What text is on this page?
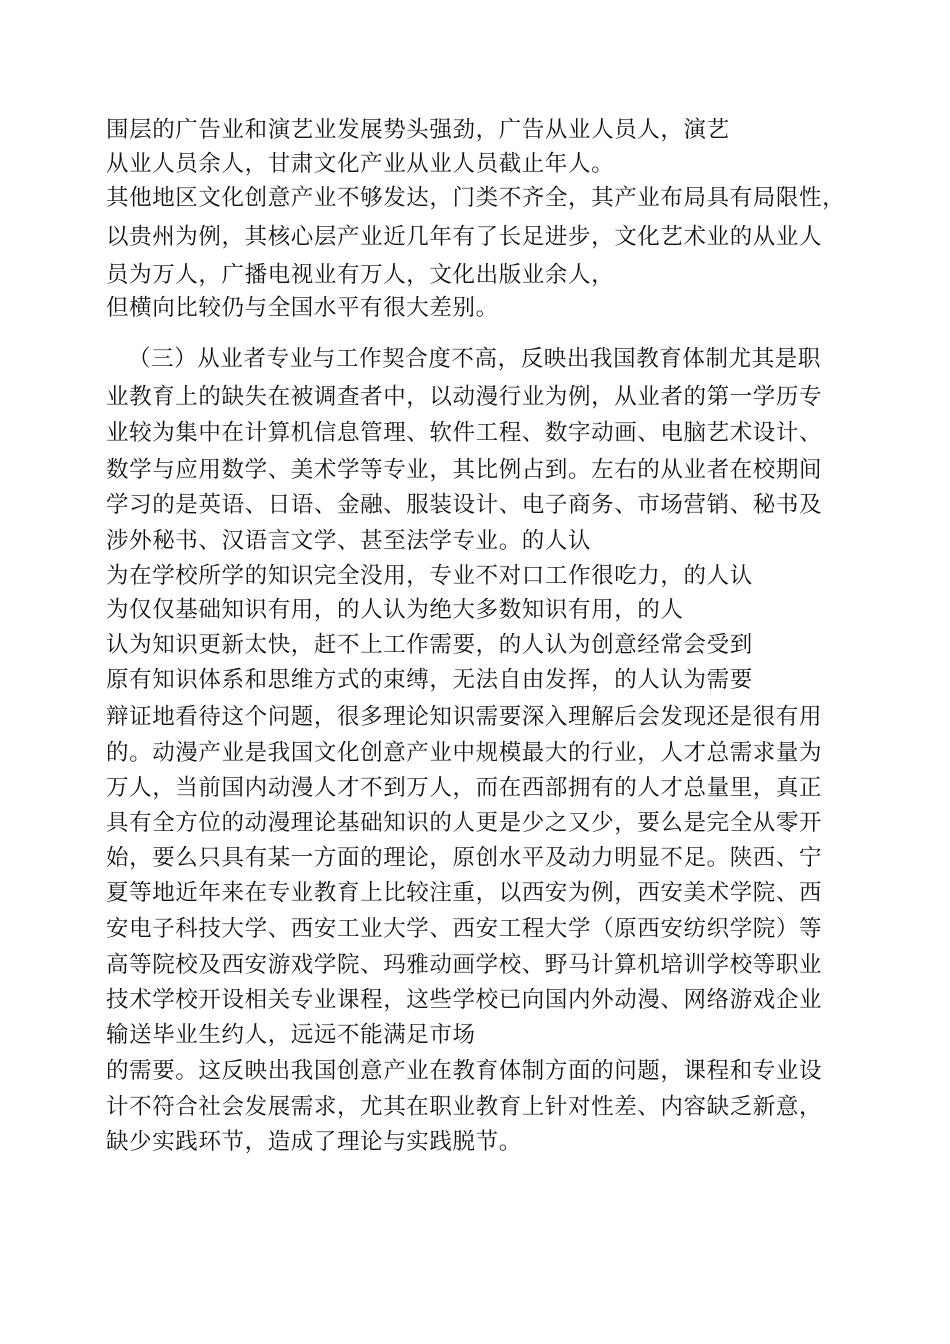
围层的广告业和演艺业发展势头强劲，广告从业人员人，演艺

从业人员余人，甘肃文化产业从业人员截止年人。

其他地区文化创意产业不够发达，门类不齐全，其产业布局具有局限性，

以贵州为例，其核心层产业近几年有了长足进步，文化艺术业的从业人

员为万人，广播电视业有万人，文化出版业余人，

但横向比较仍与全国水平有很大差别。

（三）从业者专业与工作契合度不高，反映出我国教育体制尤其是职

业教育上的缺失在被调查者中，以动漫行业为例，从业者的第一学历专

业较为集中在计算机信息管理、软件工程、数字动画、电脑艺术设计、

数学与应用数学、美术学等专业，其比例占到。左右的从业者在校期间

学习的是英语、日语、金融、服装设计、电子商务、市场营销、秘书及

涉外秘书、汉语言文学、甚至法学专业。的人认

为在学校所学的知识完全没用，专业不对口工作很吃力，的人认

为仅仅基础知识有用，的人认为绝大多数知识有用，的人

认为知识更新太快，赶不上工作需要，的人认为创意经常会受到

原有知识体系和思维方式的束缚，无法自由发挥，的人认为需要

辩证地看待这个问题，很多理论知识需要深入理解后会发现还是很有用

的。动漫产业是我国文化创意产业中规模最大的行业，人才总需求量为

万人，当前国内动漫人才不到万人，而在西部拥有的人才总量里，真正

具有全方位的动漫理论基础知识的人更是少之又少，要么是完全从零开

始，要么只具有某一方面的理论，原创水平及动力明显不足。陕西、宁

夏等地近年来在专业教育上比较注重，以西安为例，西安美术学院、西

安电子科技大学、西安工业大学、西安工程大学（原西安纺织学院）等

高等院校及西安游戏学院、玛雅动画学校、野马计算机培训学校等职业

技术学校开设相关专业课程，这些学校已向国内外动漫、网络游戏企业

输送毕业生约人，远远不能满足市场

的需要。这反映出我国创意产业在教育体制方面的问题，课程和专业设

计不符合社会发展需求，尤其在职业教育上针对性差、内容缺乏新意，

缺少实践环节，造成了理论与实践脱节。
